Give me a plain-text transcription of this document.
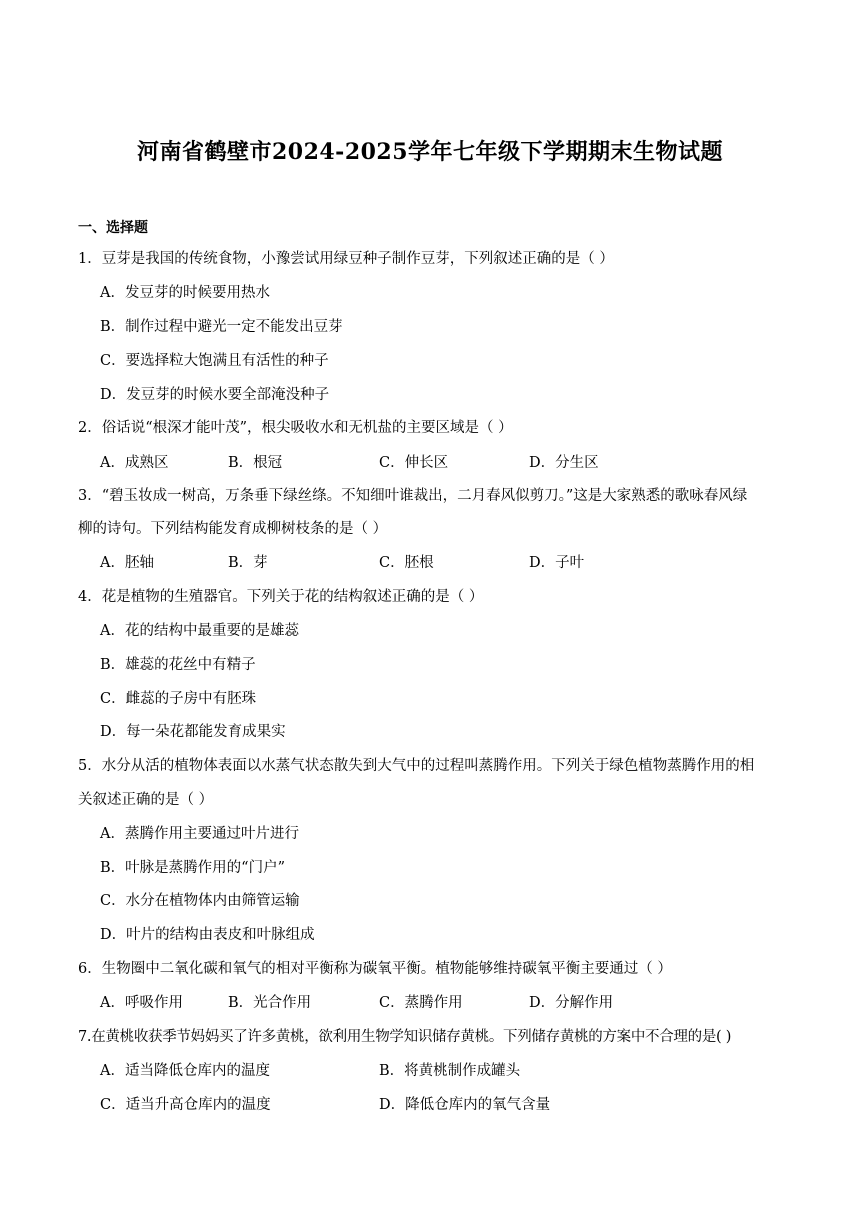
河南省鹤壁市2024-2025学年七年级下学期期末生物试题
一、选择题
1．豆芽是我国的传统食物，小豫尝试用绿豆种子制作豆芽，下列叙述正确的是（ ）
A．发豆芽的时候要用热水
B．制作过程中避光一定不能发出豆芽
C．要选择粒大饱满且有活性的种子
D．发豆芽的时候水要全部淹没种子
2．俗话说“根深才能叶茂”，根尖吸收水和无机盐的主要区域是（ ）
A．成熟区	B．根冠	C．伸长区	D．分生区
3．“碧玉妆成一树高，万条垂下绿丝绦。不知细叶谁裁出，二月春风似剪刀。”这是大家熟悉的歌咏春风绿
柳的诗句。下列结构能发育成柳树枝条的是（ ）
A．胚轴	B．芽	C．胚根	D．子叶
4．花是植物的生殖器官。下列关于花的结构叙述正确的是（ ）
A．花的结构中最重要的是雄蕊
B．雄蕊的花丝中有精子
C．雌蕊的子房中有胚珠
D．每一朵花都能发育成果实
5．水分从活的植物体表面以水蒸气状态散失到大气中的过程叫蒸腾作用。下列关于绿色植物蒸腾作用的相
关叙述正确的是（ ）
A．蒸腾作用主要通过叶片进行
B．叶脉是蒸腾作用的“门户”
C．水分在植物体内由筛管运输
D．叶片的结构由表皮和叶脉组成
6．生物圈中二氧化碳和氧气的相对平衡称为碳氧平衡。植物能够维持碳氧平衡主要通过（ ）
A．呼吸作用	B．光合作用	C．蒸腾作用	D．分解作用
7.在黄桃收获季节妈妈买了许多黄桃，欲利用生物学知识储存黄桃。下列储存黄桃的方案中不合理的是( )
A．适当降低仓库内的温度	B．将黄桃制作成罐头
C．适当升高仓库内的温度	D．降低仓库内的氧气含量
